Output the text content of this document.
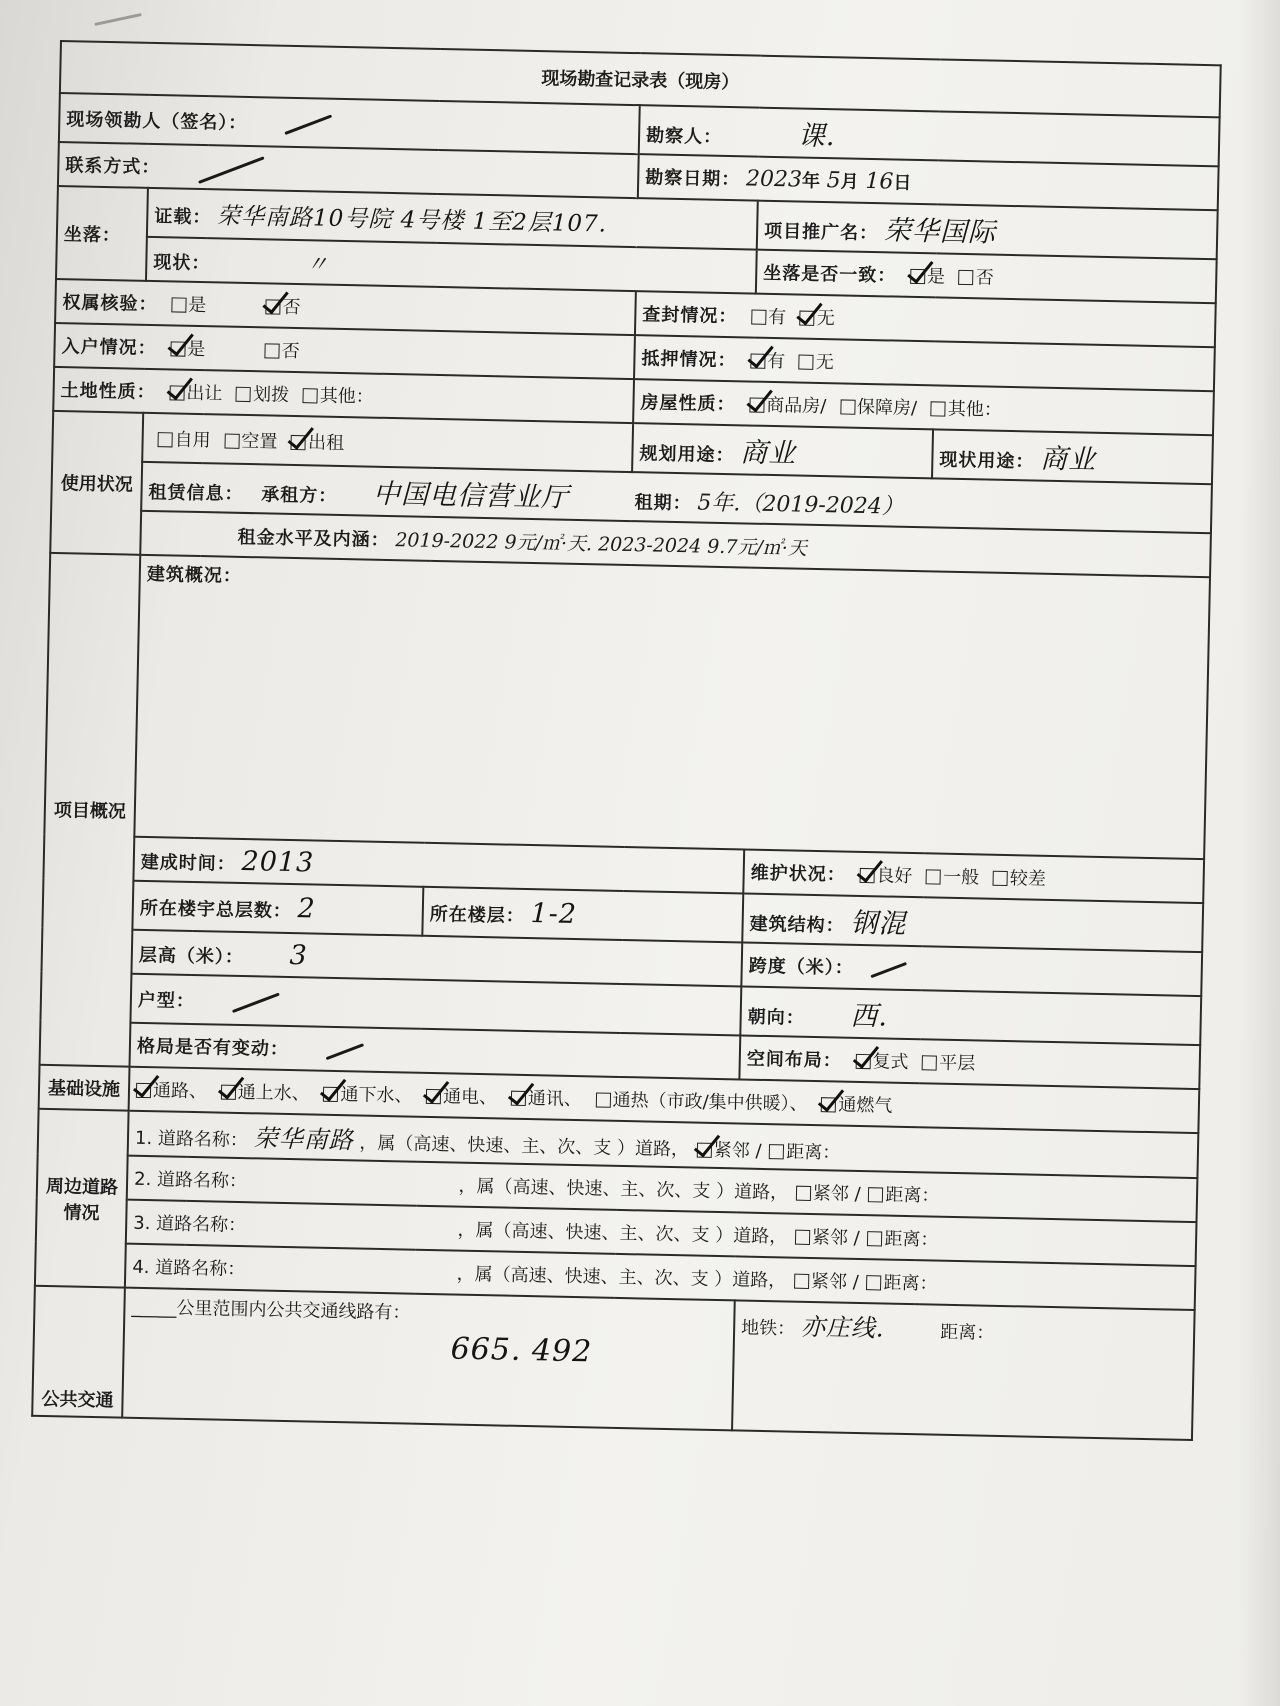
现场勘查记录表（现房）					
现场领勘人（签名）：			勘察人： 课.		
联系方式：			勘察日期： 2023年 5月 16日		
坐落：	证载： 荣华南路10号院 4号楼 1至2层107.			项目推广名： 荣华国际	
	现状： 〃			坐落是否一致： 是 否	
权属核验： 是 否			查封情况： 有 无		
入户情况： 是 否			抵押情况： 有 无		
土地性质： 出让 划拨 其他：			房屋性质： 商品房/ 保障房/ 其他：		
使用状况	自用 空置 出租		规划用途： 商业		现状用途： 商业
	租赁信息： 承租方： 中国电信营业厅 租期： 5年.（2019-2024）				
	租金水平及内涵： 2019-2022 9元/㎡·天. 2023-2024 9.7元/㎡·天				
项目概况	建筑概况：				
	建成时间： 2013			维护状况： 良好 一般 较差	
	所在楼宇总层数： 2	所在楼层： 1-2		建筑结构： 钢混	
	层高（米）： 3			跨度（米）：	
	户型：			朝向： 西.	
	格局是否有变动：			空间布局： 复式 平层	
基础设施	通路、 通上水、 通下水、 通电、 通讯、 通热（市政/集中供暖）、 通燃气				
周边道路情况	1. 道路名称： 荣华南路 ，属（高速、快速、主、次、支 ）道路， 紧邻 / 距离：				
	2. 道路名称： ，属（高速、快速、主、次、支 ）道路， 紧邻 / 距离：				
	3. 道路名称： ，属（高速、快速、主、次、支 ）道路， 紧邻 / 距离：				
	4. 道路名称： ，属（高速、快速、主、次、支 ）道路， 紧邻 / 距离：				
公共交通	_____公里范围内公共交通线路有：
665. 492			地铁： 亦庄线. 距离：	
